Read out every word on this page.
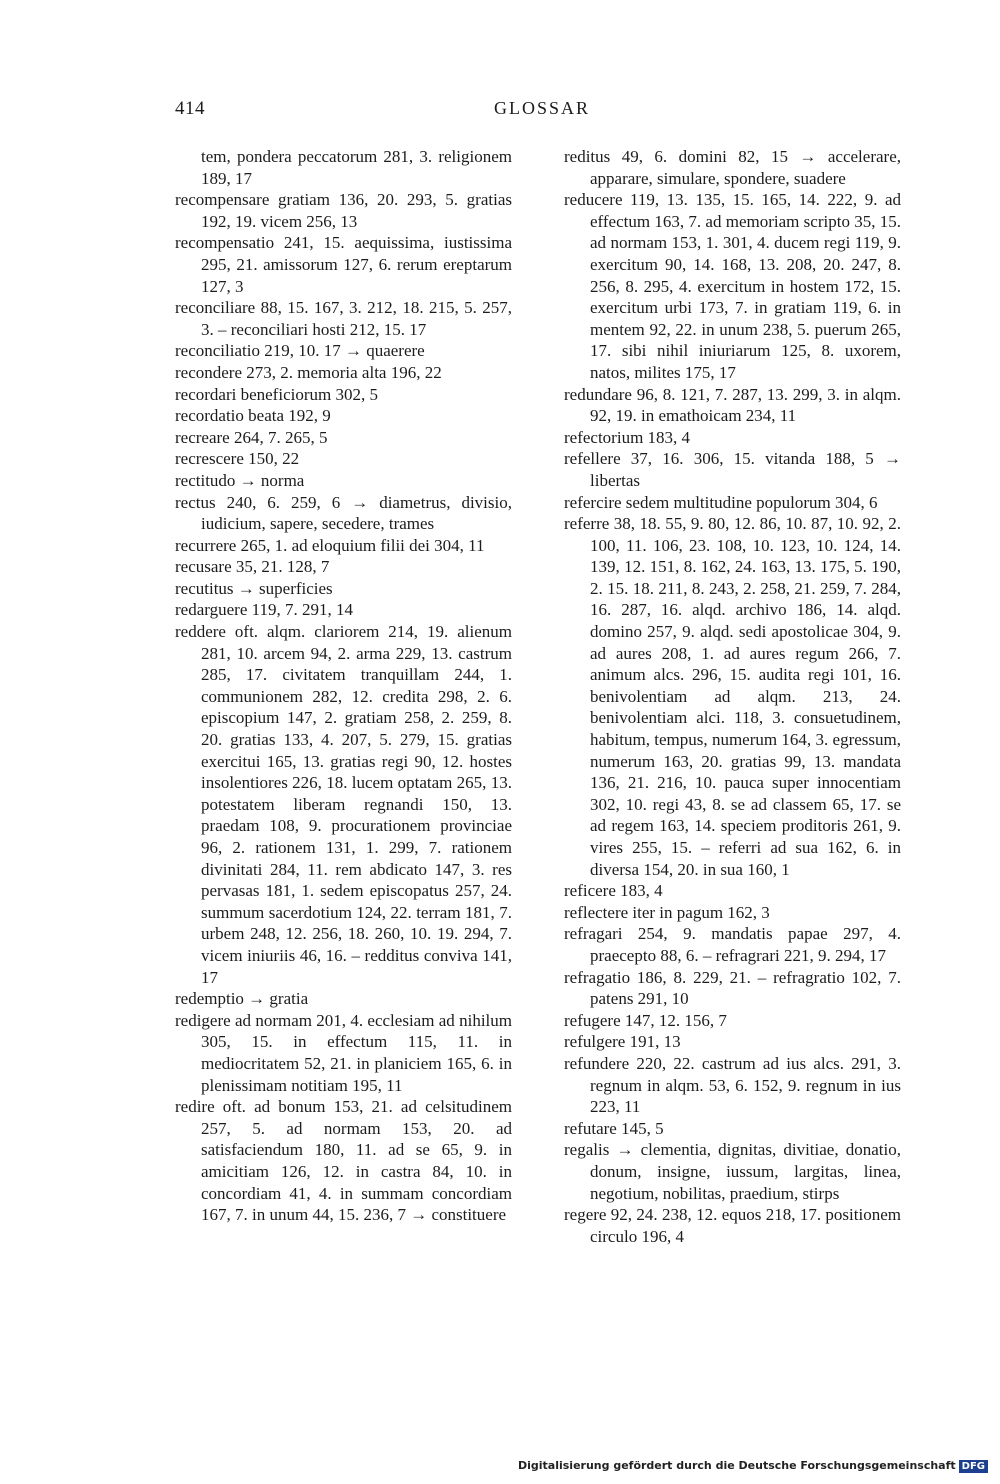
414	GLOSSAR

tem, pondera peccatorum 281, 3. religionem 189, 17

recompensare gratiam 136, 20. 293, 5. gratias 192, 19. vicem 256, 13

recompensatio 241, 15. aequissima, iustissima 295, 21. amissorum 127, 6. rerum ereptarum 127, 3

reconciliare 88, 15. 167, 3. 212, 18. 215, 5. 257, 3. – reconciliari hosti 212, 15. 17

reconciliatio 219, 10. 17 → quaerere

recondere 273, 2. memoria alta 196, 22

recordari beneficiorum 302, 5

recordatio beata 192, 9

recreare 264, 7. 265, 5

recrescere 150, 22

rectitudo → norma

rectus 240, 6. 259, 6 → diametrus, divisio, iudicium, sapere, secedere, trames

recurrere 265, 1. ad eloquium filii dei 304, 11

recusare 35, 21. 128, 7

recutitus → superficies

redarguere 119, 7. 291, 14

reddere oft. alqm. clariorem 214, 19. alienum 281, 10. arcem 94, 2. arma 229, 13. castrum 285, 17. civitatem tranquillam 244, 1. communionem 282, 12. credita 298, 2. 6. episcopium 147, 2. gratiam 258, 2. 259, 8. 20. gratias 133, 4. 207, 5. 279, 15. gratias exercitui 165, 13. gratias regi 90, 12. hostes insolentiores 226, 18. lucem optatam 265, 13. potestatem liberam regnandi 150, 13. praedam 108, 9. procurationem provinciae 96, 2. rationem 131, 1. 299, 7. rationem divinitati 284, 11. rem abdicato 147, 3. res pervasas 181, 1. sedem episcopatus 257, 24. summum sacerdotium 124, 22. terram 181, 7. urbem 248, 12. 256, 18. 260, 10. 19. 294, 7. vicem iniuriis 46, 16. – redditus conviva 141, 17

redemptio → gratia

redigere ad normam 201, 4. ecclesiam ad nihilum 305, 15. in effectum 115, 11. in mediocritatem 52, 21. in planiciem 165, 6. in plenissimam notitiam 195, 11

redire oft. ad bonum 153, 21. ad celsitudinem 257, 5. ad normam 153, 20. ad satisfaciendum 180, 11. ad se 65, 9. in amicitiam 126, 12. in castra 84, 10. in concordiam 41, 4. in summam concordiam 167, 7. in unum 44, 15. 236, 7 → constituere

reditus 49, 6. domini 82, 15 → accelerare, apparare, simulare, spondere, suadere

reducere 119, 13. 135, 15. 165, 14. 222, 9. ad effectum 163, 7. ad memoriam scripto 35, 15. ad normam 153, 1. 301, 4. ducem regi 119, 9. exercitum 90, 14. 168, 13. 208, 20. 247, 8. 256, 8. 295, 4. exercitum in hostem 172, 15. exercitum urbi 173, 7. in gratiam 119, 6. in mentem 92, 22. in unum 238, 5. puerum 265, 17. sibi nihil iniuriarum 125, 8. uxorem, natos, milites 175, 17

redundare 96, 8. 121, 7. 287, 13. 299, 3. in alqm. 92, 19. in emathoicam 234, 11

refectorium 183, 4

refellere 37, 16. 306, 15. vitanda 188, 5 → libertas

refercire sedem multitudine populorum 304, 6

referre 38, 18. 55, 9. 80, 12. 86, 10. 87, 10. 92, 2. 100, 11. 106, 23. 108, 10. 123, 10. 124, 14. 139, 12. 151, 8. 162, 24. 163, 13. 175, 5. 190, 2. 15. 18. 211, 8. 243, 2. 258, 21. 259, 7. 284, 16. 287, 16. alqd. archivo 186, 14. alqd. domino 257, 9. alqd. sedi apostolicae 304, 9. ad aures 208, 1. ad aures regum 266, 7. animum alcs. 296, 15. audita regi 101, 16. benivolentiam ad alqm. 213, 24. benivolentiam alci. 118, 3. consuetudinem, habitum, tempus, numerum 164, 3. egressum, numerum 163, 20. gratias 99, 13. mandata 136, 21. 216, 10. pauca super innocentiam 302, 10. regi 43, 8. se ad classem 65, 17. se ad regem 163, 14. speciem proditoris 261, 9. vires 255, 15. – referri ad sua 162, 6. in diversa 154, 20. in sua 160, 1

reficere 183, 4

reflectere iter in pagum 162, 3

refragari 254, 9. mandatis papae 297, 4. praecepto 88, 6. – refragrari 221, 9. 294, 17

refragatio 186, 8. 229, 21. – refragratio 102, 7. patens 291, 10

refugere 147, 12. 156, 7

refulgere 191, 13

refundere 220, 22. castrum ad ius alcs. 291, 3. regnum in alqm. 53, 6. 152, 9. regnum in ius 223, 11

refutare 145, 5

regalis → clementia, dignitas, divitiae, donatio, donum, insigne, iussum, largitas, linea, negotium, nobilitas, praedium, stirps

regere 92, 24. 238, 12. equos 218, 17. positionem circulo 196, 4

Digitalisierung gefördert durch die Deutsche Forschungsgemeinschaft DFG
